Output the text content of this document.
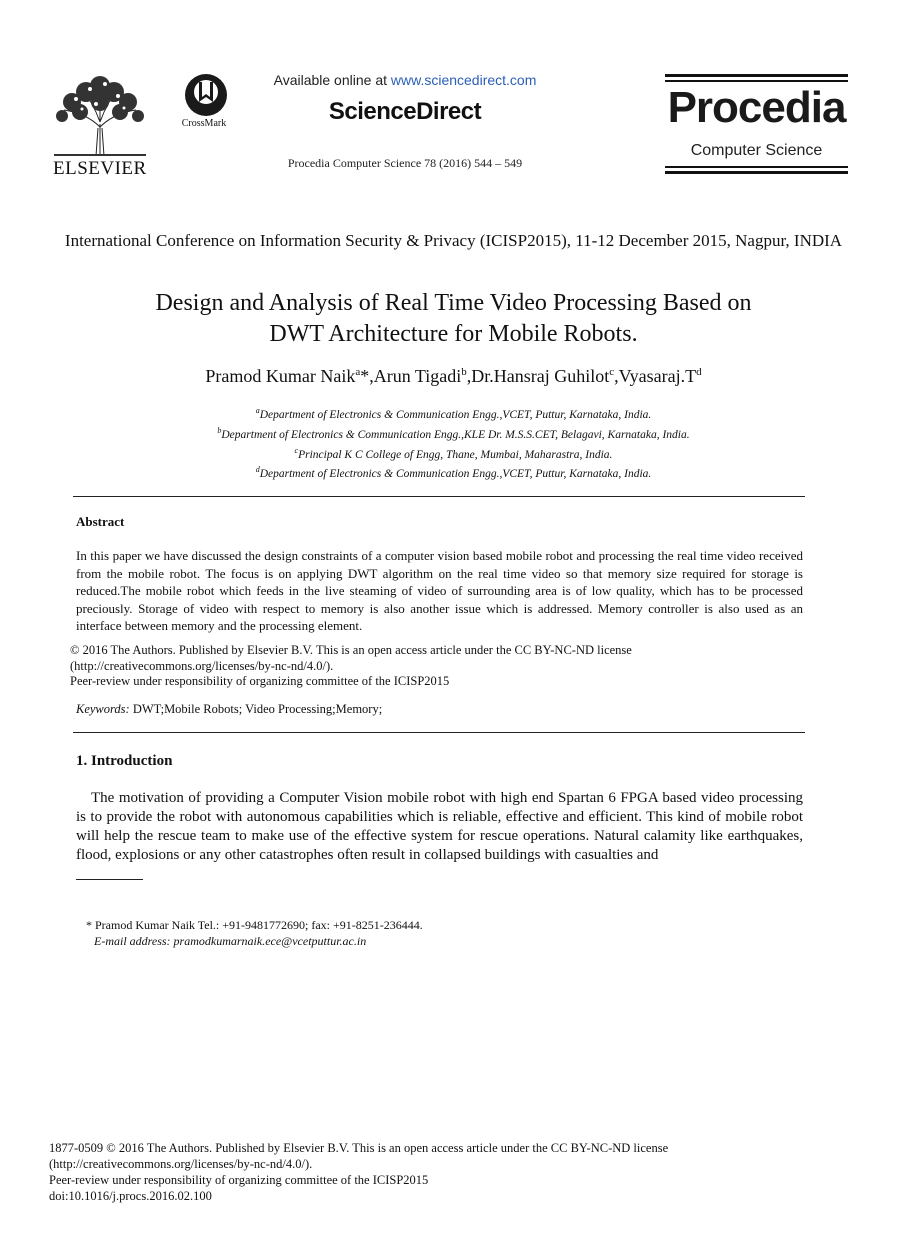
ELSEVIER
CrossMark
Available online at www.sciencedirect.com
ScienceDirect
Procedia Computer Science 78 (2016) 544 – 549
Procedia
Computer Science
International Conference on Information Security & Privacy (ICISP2015), 11-12 December 2015, Nagpur, INDIA
Design and Analysis of Real Time Video Processing Based on
DWT Architecture for Mobile Robots.
Pramod Kumar Naik$^a$*,Arun Tigadi$^b$,Dr.Hansraj $Guhilot^c,Vyasaraj.T^d$
$^a$Department of Electronics & Communication Engg.,VCET, Puttur, Karnataka, India.
$^b$Department of Electronics & Communication Engg.,KLE Dr. M.S.S.CET, Belagavi, Karnataka, India.
$^c$Principal K C College of Engg, Thane, Mumbai, Maharastra, India.
$^d$Department of Electronics & Communication Engg.,VCET, Puttur, Karnataka, India.
Abstract
In this paper we have discussed the design constraints of a computer vision based mobile robot and processing the real time video received from the mobile robot. The focus is on applying DWT algorithm on the real time video so that memory size required for storage is reduced.The mobile robot which feeds in the live steaming of video of surrounding area is of low quality, which has to be processed preciously. Storage of video with respect to memory is also another issue which is addressed. Memory controller is also used as an interface between memory and the processing element.
© 2016 The Authors. Published by Elsevier B.V. This is an open access article under the CC BY-NC-ND license
(http://creativecommons.org/licenses/by-nc-nd/4.0/).
Peer-review under responsibility of organizing committee of the ICISP2015
Keywords: DWT;Mobile Robots; Video Processing;Memory;
1. Introduction
The motivation of providing a Computer Vision mobile robot with high end Spartan 6 FPGA based video processing is to provide the robot with autonomous capabilities which is reliable, effective and efficient. This kind of mobile robot will help the rescue team to make use of the effective system for rescue operations. Natural calamity like earthquakes, flood, explosions or any other catastrophes often result in collapsed buildings with casualties and
* Pramod Kumar Naik Tel.: +91-9481772690; fax: +91-8251-236444.
E-mail address: pramodkumarnaik.ece@vcetputtur.ac.in
1877-0509 © 2016 The Authors. Published by Elsevier B.V. This is an open access article under the CC BY-NC-ND license
(http://creativecommons.org/licenses/by-nc-nd/4.0/).
Peer-review under responsibility of organizing committee of the ICISP2015
doi:10.1016/j.procs.2016.02.100
